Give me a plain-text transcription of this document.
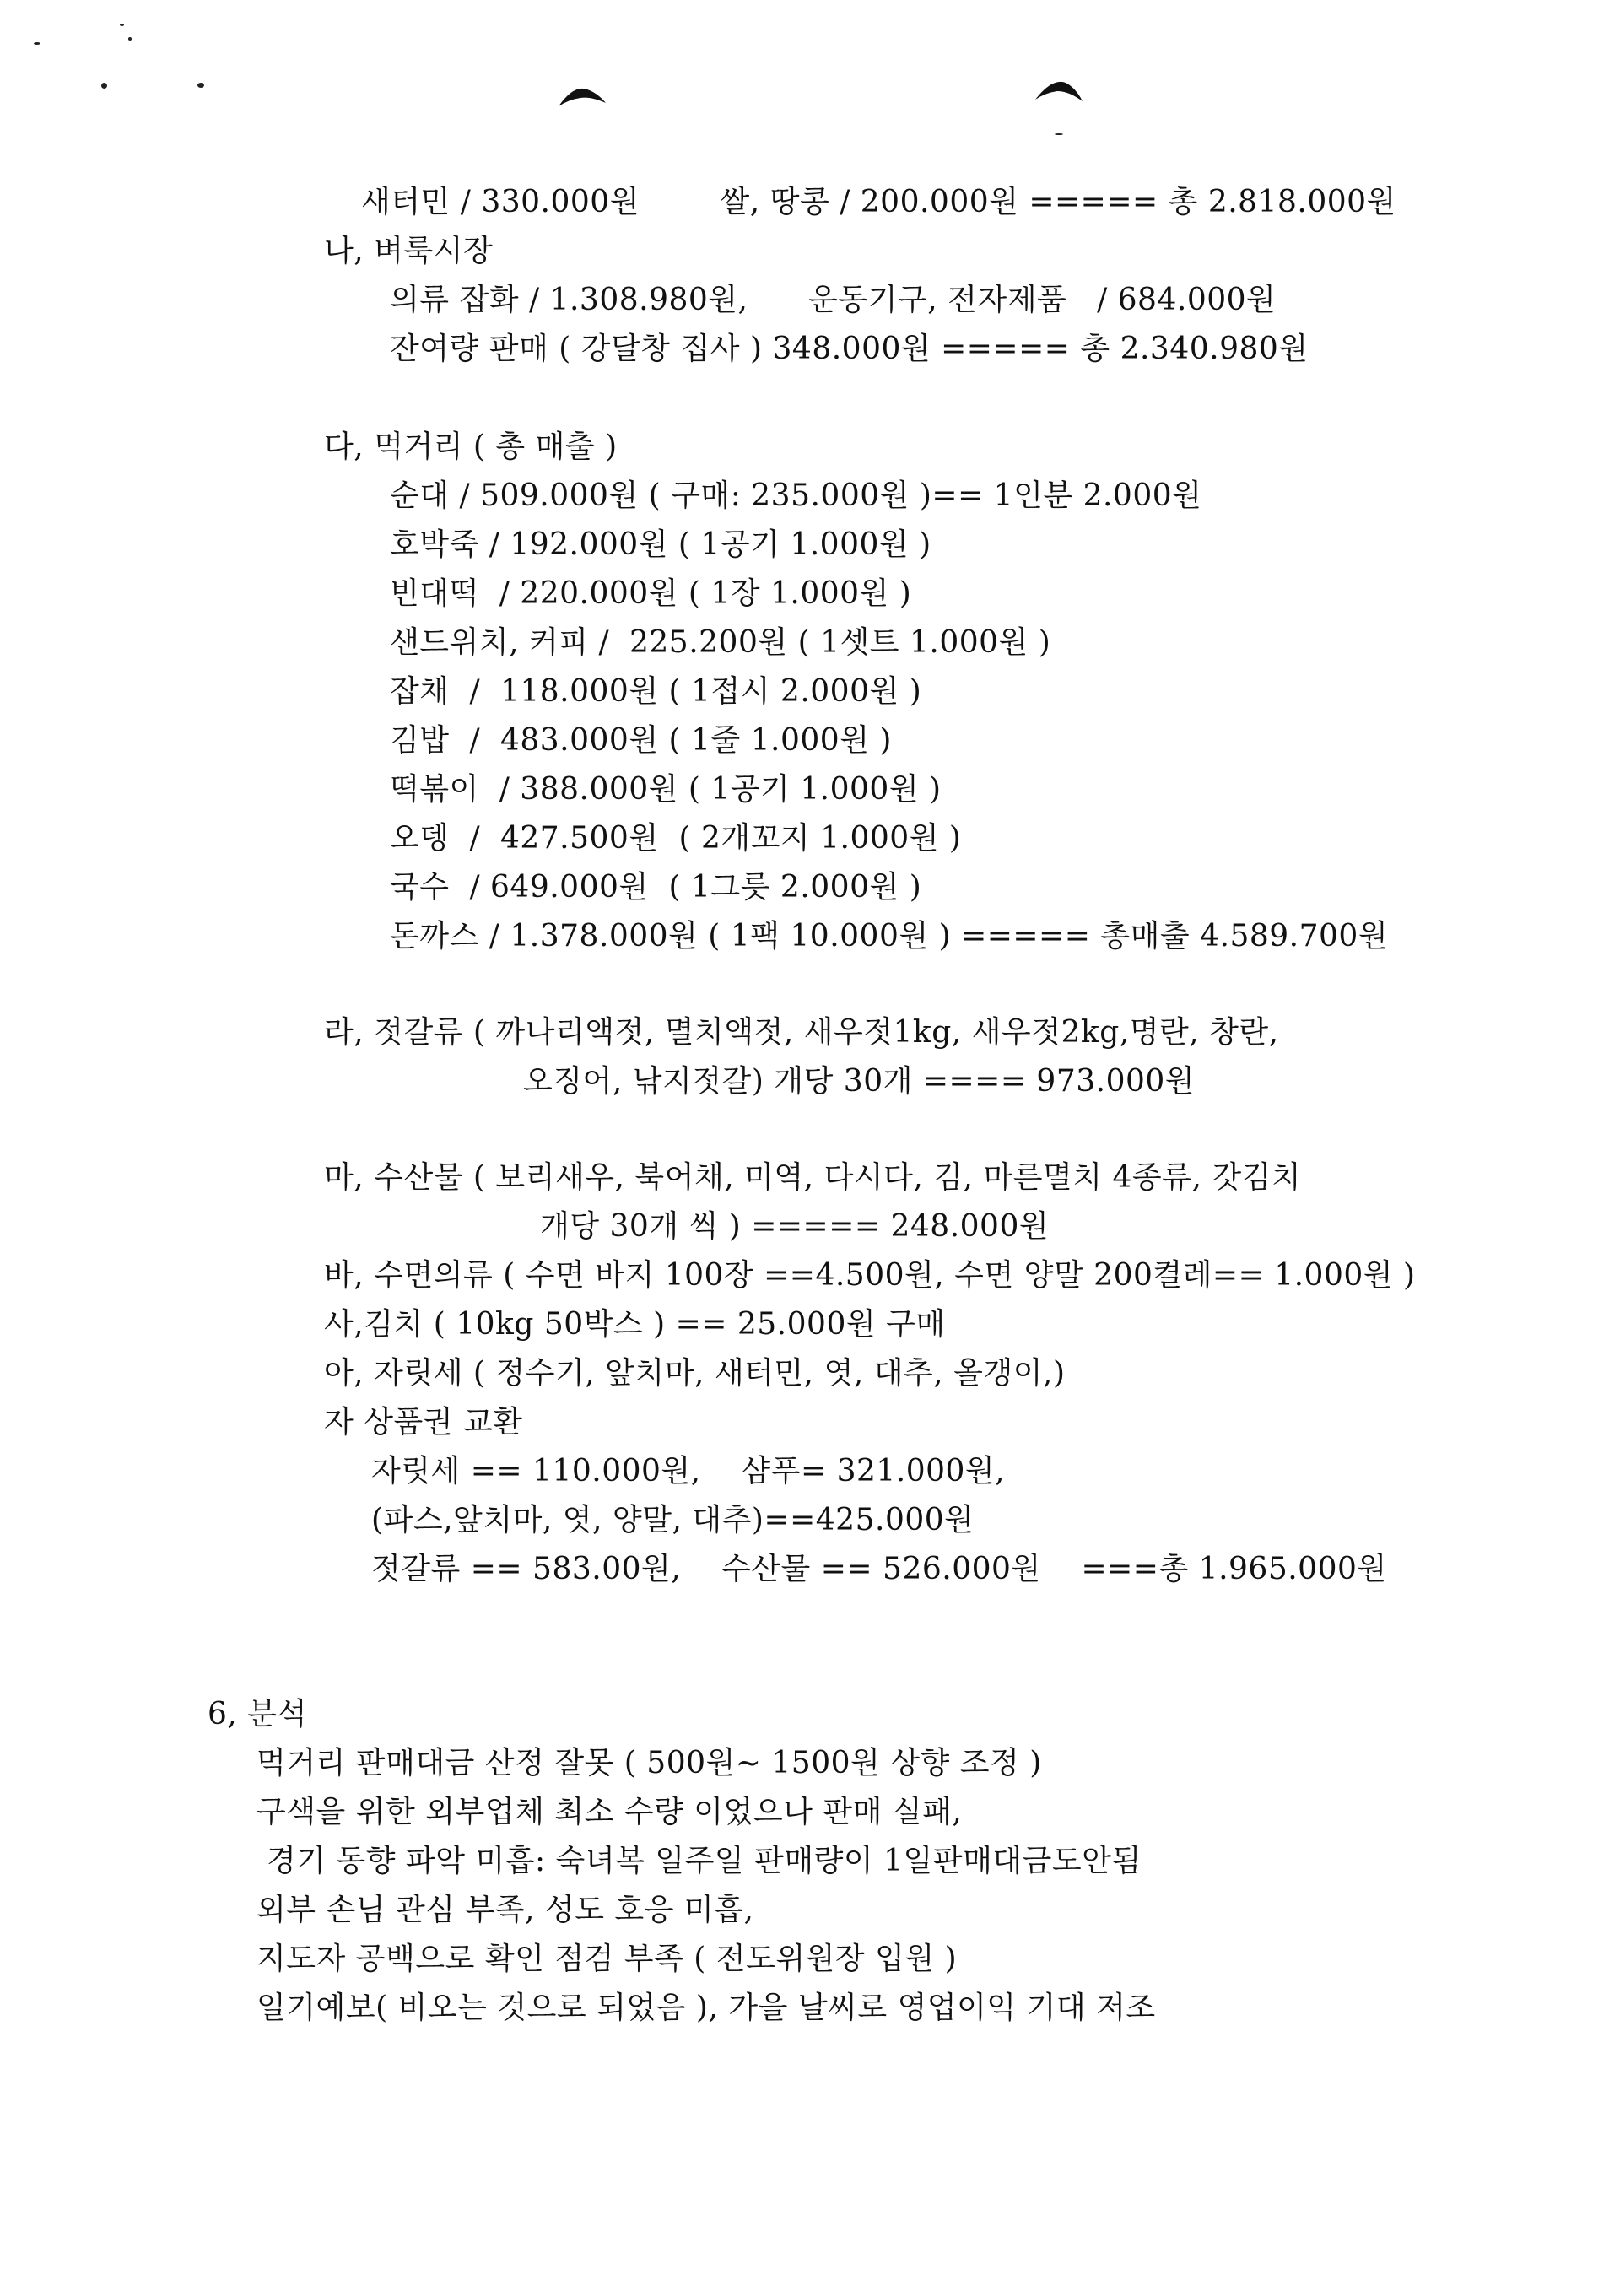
새터민 / 330.000원        쌀, 땅콩 / 200.000원 ===== 총 2.818.000원
나, 벼룩시장
의류 잡화 / 1.308.980원,      운동기구, 전자제품   / 684.000원
잔여량 판매 ( 강달창 집사 ) 348.000원 ===== 총 2.340.980원
다, 먹거리 ( 총 매출 )
순대 / 509.000원 ( 구매: 235.000원 )== 1인분 2.000원
호박죽 / 192.000원 ( 1공기 1.000원 )
빈대떡  / 220.000원 ( 1장 1.000원 )
샌드위치, 커피 /  225.200원 ( 1셋트 1.000원 )
잡채  /  118.000원 ( 1접시 2.000원 )
김밥  /  483.000원 ( 1줄 1.000원 )
떡볶이  / 388.000원 ( 1공기 1.000원 )
오뎅  /  427.500원  ( 2개꼬지 1.000원 )
국수  / 649.000원  ( 1그릇 2.000원 )
돈까스 / 1.378.000원 ( 1팩 10.000원 ) ===== 총매출 4.589.700원
라, 젓갈류 ( 까나리액젓, 멸치액젓, 새우젓1kg, 새우젓2kg,명란, 창란,
오징어, 낚지젓갈) 개당 30개 ==== 973.000원
마, 수산물 ( 보리새우, 북어채, 미역, 다시다, 김, 마른멸치 4종류, 갓김치
개당 30개 씩 ) ===== 248.000원
바, 수면의류 ( 수면 바지 100장 ==4.500원, 수면 양말 200켤레== 1.000원 )
사,김치 ( 10kg 50박스 ) == 25.000원 구매
아, 자릿세 ( 정수기, 앞치마, 새터민, 엿, 대추, 올갱이,)
자 상품권 교환
자릿세 == 110.000원,    샴푸= 321.000원,
(파스,앞치마, 엿, 양말, 대추)==425.000원
젓갈류 == 583.00원,    수산물 == 526.000원    ===총 1.965.000원
6, 분석
먹거리 판매대금 산정 잘못 ( 500원~ 1500원 상향 조정 )
구색을 위한 외부업체 최소 수량 이었으나 판매 실패,
경기 동향 파악 미흡: 숙녀복 일주일 판매량이 1일판매대금도안됨
외부 손님 관심 부족, 성도 호응 미흡,
지도자 공백으로 확인 점검 부족 ( 전도위원장 입원 )
일기예보( 비오는 것으로 되었음 ), 가을 날씨로 영업이익 기대 저조
